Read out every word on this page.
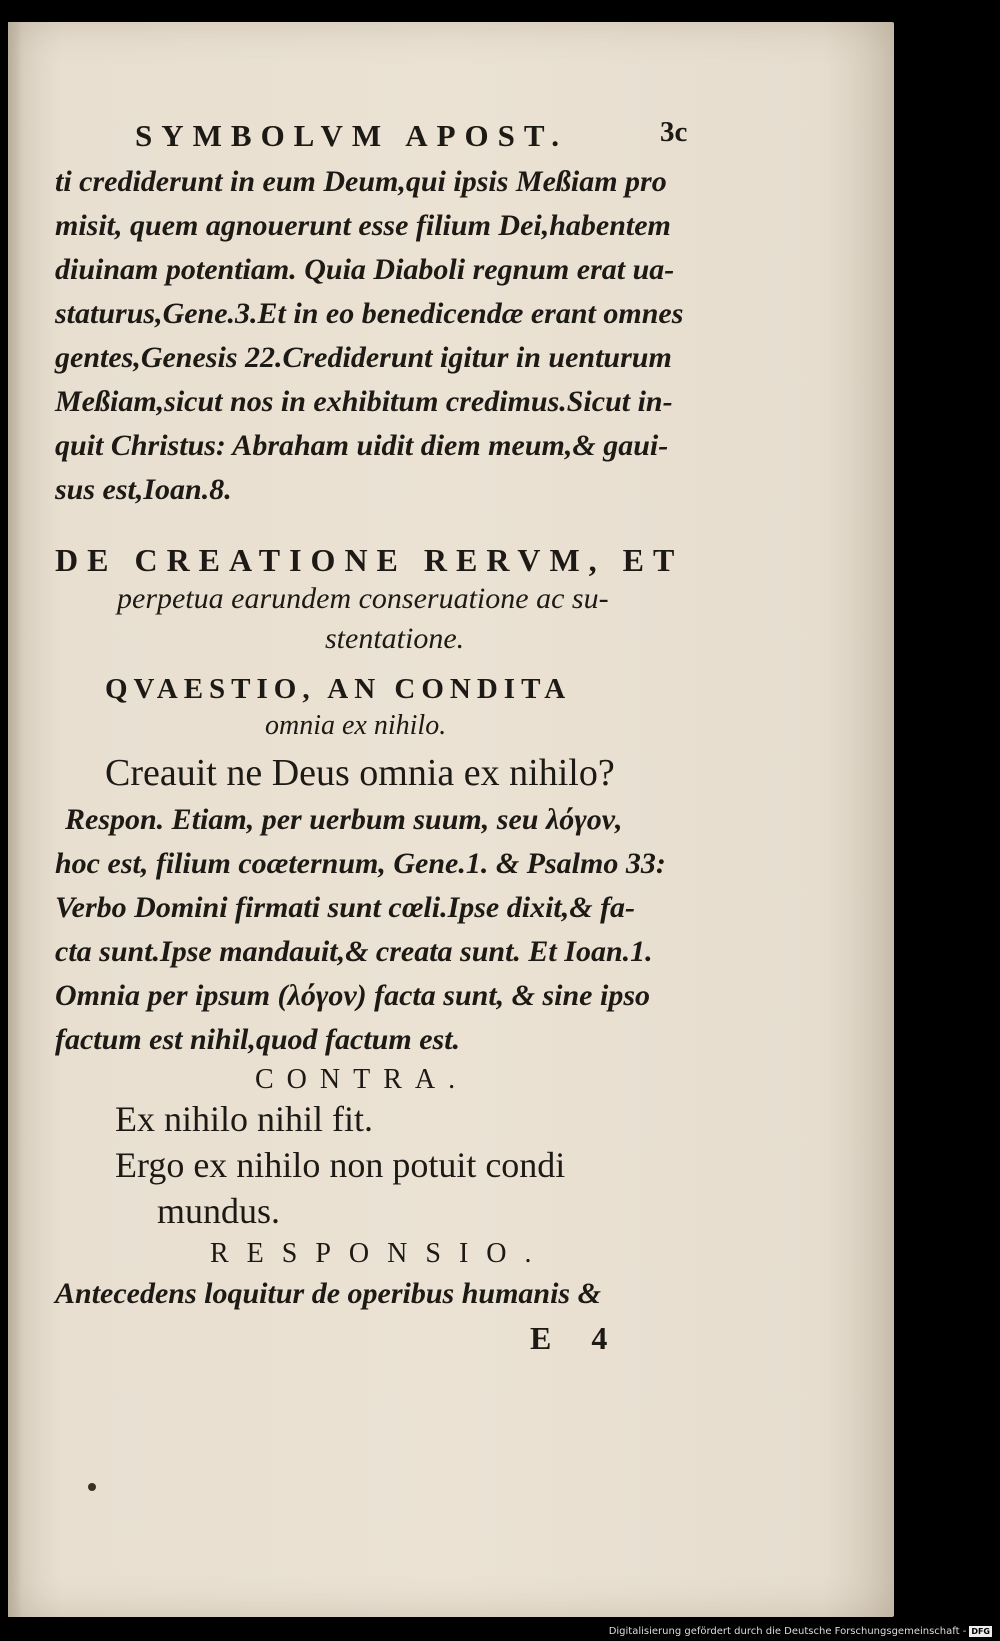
SYMBOLVM APOST.	3c
ti crediderunt in eum Deum,qui ipsis Meßiam pro
misit, quem agnouerunt esse filium Dei,habentem
diuinam potentiam. Quia Diaboli regnum erat ua-
staturus,Gene.3.Et in eo benedicendæ erant omnes
gentes,Genesis 22.Crediderunt igitur in uenturum
Meßiam,sicut nos in exhibitum credimus.Sicut in-
quit Christus: Abraham uidit diem meum,& gaui-
sus est,Ioan.8.
DE CREATIONE RERVM, ET
perpetua earundem conseruatione ac su-
stentatione.
QVAESTIO, AN CONDITA
omnia ex nihilo.
Creauit ne Deus omnia ex nihilo?
Respon. Etiam, per uerbum suum, seu λόγον,
hoc est, filium coæternum, Gene.1. & Psalmo 33:
Verbo Domini firmati sunt cœli.Ipse dixit,& fa-
cta sunt.Ipse mandauit,& creata sunt. Et Ioan.1.
Omnia per ipsum (λόγον) facta sunt, & sine ipso
factum est nihil,quod factum est.
CONTRA.
Ex nihilo nihil fit.
Ergo ex nihilo non potuit condi
mundus.
RESPONSIO.
Antecedens loquitur de operibus humanis &
E 4
Digitalisierung gefördert durch die Deutsche Forschungsgemeinschaft - DFG
